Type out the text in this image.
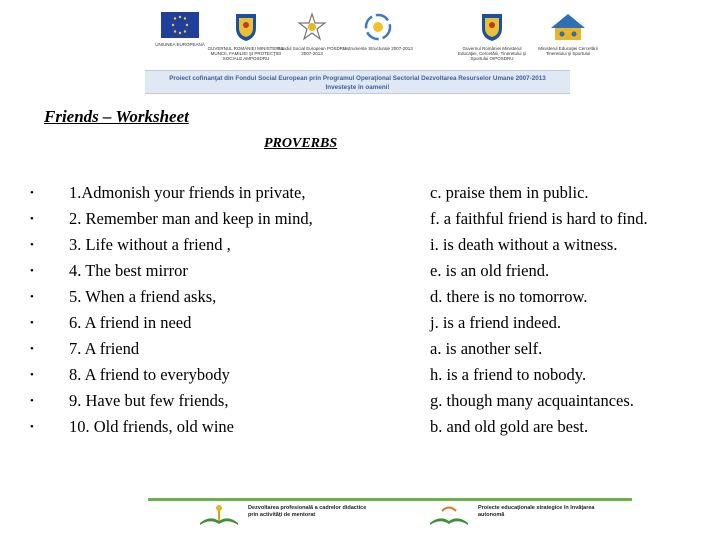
UNIUNEA EUROPEANĂ
GUVERNUL ROMÂNIEI MINISTERUL MUNCII, FAMILIEI ŞI PROTECŢIEI SOCIALE AMPOSDRU
Fondul Social European POSDRU 2007-2013
Instrumente Structurale 2007-2013	Guvernul României Ministerul Educaţiei, Cercetării, Tineretului şi Sportului OIPOSDRU
Ministerul Educaţiei Cercetării Tineretului şi Sportului
Proiect cofinanţat din Fondul Social European prin Programul Operaţional Sectorial Dezvoltarea Resurselor Umane 2007-2013
Investeşte în oameni!
Friends – Worksheet
PROVERBS
•	1.Admonish your friends in private,	c. praise them in public.
•	2. Remember man and keep in mind,	f. a faithful friend is hard to find.
•	3. Life without a friend ,	i. is death without a witness.
•	4. The best mirror	e. is an old friend.
•	5. When a friend asks,	d. there is no tomorrow.
•	6. A friend in need	j. is a friend indeed.
•	7. A friend	a. is another self.
•	8. A friend to everybody	h. is a friend to nobody.
•	9. Have but few friends,	g. though many acquaintances.
•	10. Old friends, old wine	b. and old gold are best.
Dezvoltarea profesională a cadrelor didactice prin activităţi de mentorat
Proiecte educaţionale strategice în învăţarea autonomă
